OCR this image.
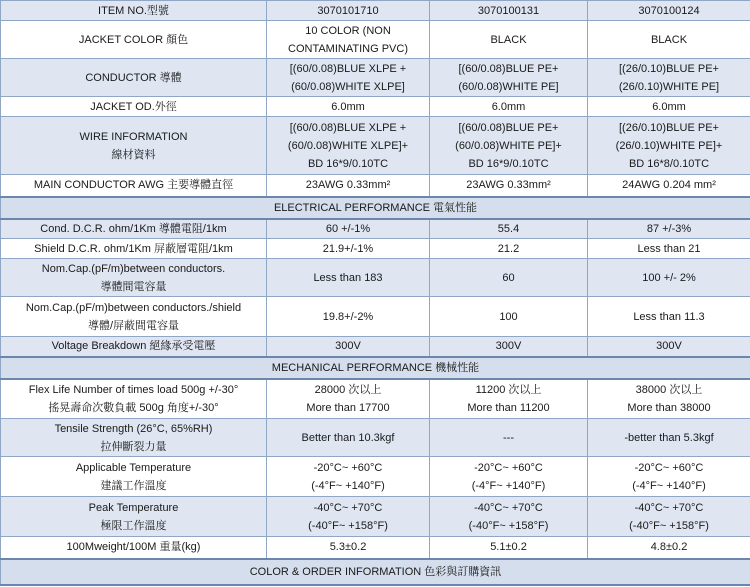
ITEM NO.型號	3070101710	3070100131	3070100124

JACKET COLOR 顏色	10 COLOR (NON
CONTAMINATING PVC)	BLACK	BLACK

CONDUCTOR 導體	[(60/0.08)BLUE XLPE +
(60/0.08)WHITE XLPE]	[(60/0.08)BLUE PE+
(60/0.08)WHITE PE]	[(26/0.10)BLUE PE+
(26/0.10)WHITE PE]

JACKET OD.外徑	6.0mm	6.0mm	6.0mm

WIRE INFORMATION
線材資料	[(60/0.08)BLUE XLPE +
(60/0.08)WHITE XLPE]+
BD 16*9/0.10TC	[(60/0.08)BLUE PE+
(60/0.08)WHITE PE]+
BD 16*9/0.10TC	[(26/0.10)BLUE PE+
(26/0.10)WHITE PE]+
BD 16*8/0.10TC

MAIN CONDUCTOR AWG 主要導體直徑	23AWG 0.33mm²	23AWG 0.33mm²	24AWG 0.204 mm²

ELECTRICAL PERFORMANCE 電氣性能			

Cond. D.C.R. ohm/1Km 導體電阻/1km	60 +/-1%	55.4	87 +/-3%

Shield D.C.R. ohm/1Km 屏蔽層電阻/1km	21.9+/-1%	21.2	Less than 21

Nom.Cap.(pF/m)between conductors.
導體間電容量	Less than 183	60	100 +/- 2%

Nom.Cap.(pF/m)between conductors./shield
導體/屏蔽間電容量	19.8+/-2%	100	Less than 11.3

Voltage Breakdown 絕緣承受電壓	300V	300V	300V

MECHANICAL PERFORMANCE 機械性能			

Flex Life Number of times load 500g +/-30°
搖晃壽命次數負載 500g 角度+/-30°	28000 次以上
More than 17700	11200 次以上
More than 11200	38000 次以上
More than 38000

Tensile Strength (26°C, 65%RH)
拉伸斷裂力量	Better than 10.3kgf	---	-better than 5.3kgf

Applicable Temperature
建議工作溫度	-20°C~ +60°C
(-4°F~ +140°F)	-20°C~ +60°C
(-4°F~ +140°F)	-20°C~ +60°C
(-4°F~ +140°F)

Peak Temperature
極限工作溫度	-40°C~ +70°C
(-40°F~ +158°F)	-40°C~ +70°C
(-40°F~ +158°F)	-40°C~ +70°C
(-40°F~ +158°F)

100Mweight/100M 重量(kg)	5.3±0.2	5.1±0.2	4.8±0.2

COLOR & ORDER INFORMATION 色彩與訂購資訊			
